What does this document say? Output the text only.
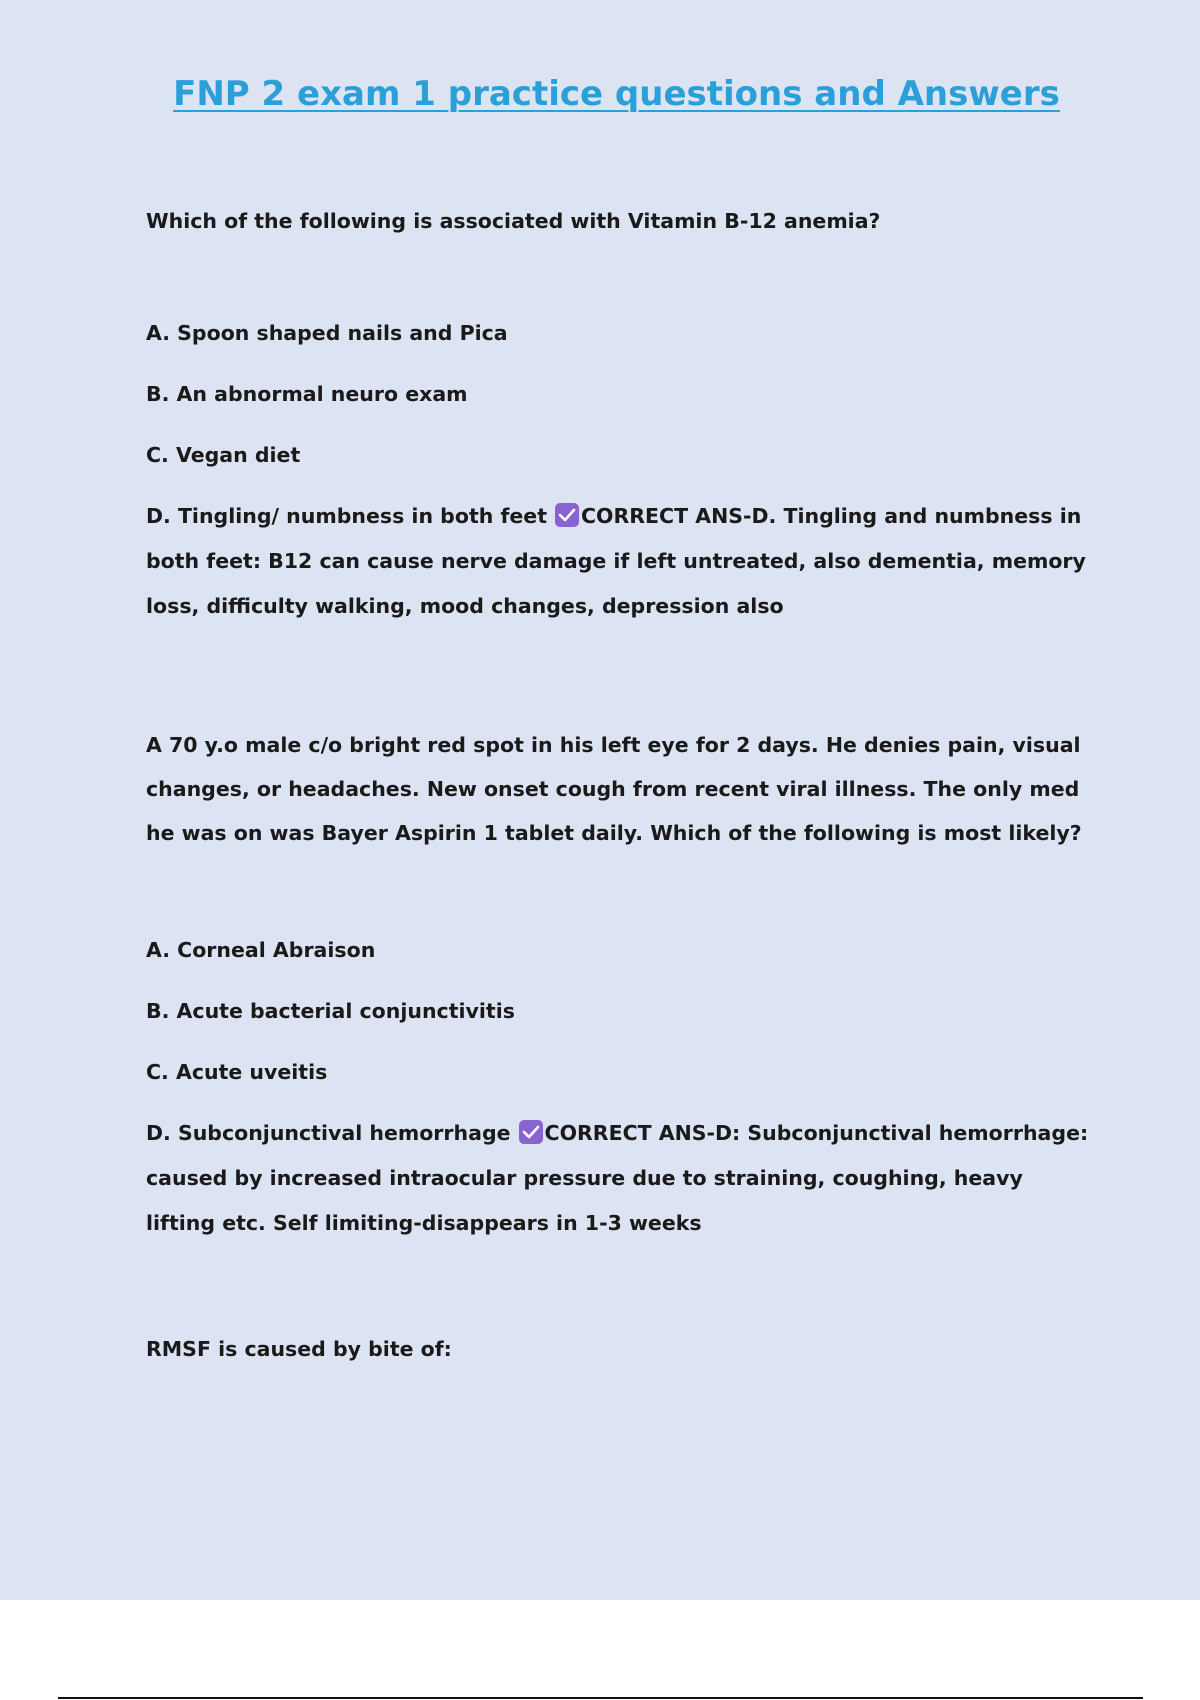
FNP 2 exam 1 practice questions and Answers

Which of the following is associated with Vitamin B-12 anemia?

A. Spoon shaped nails and Pica

B. An abnormal neuro exam

C. Vegan diet

D. Tingling/ numbness in both feet CORRECT ANS-D. Tingling and numbness in both feet: B12 can cause nerve damage if left untreated, also dementia, memory loss, difficulty walking, mood changes, depression also

A 70 y.o male c/o bright red spot in his left eye for 2 days. He denies pain, visual changes, or headaches. New onset cough from recent viral illness. The only med he was on was Bayer Aspirin 1 tablet daily. Which of the following is most likely?

A. Corneal Abraison

B. Acute bacterial conjunctivitis

C. Acute uveitis

D. Subconjunctival hemorrhage CORRECT ANS-D: Subconjunctival hemorrhage: caused by increased intraocular pressure due to straining, coughing, heavy lifting etc. Self limiting-disappears in 1-3 weeks

RMSF is caused by bite of:
